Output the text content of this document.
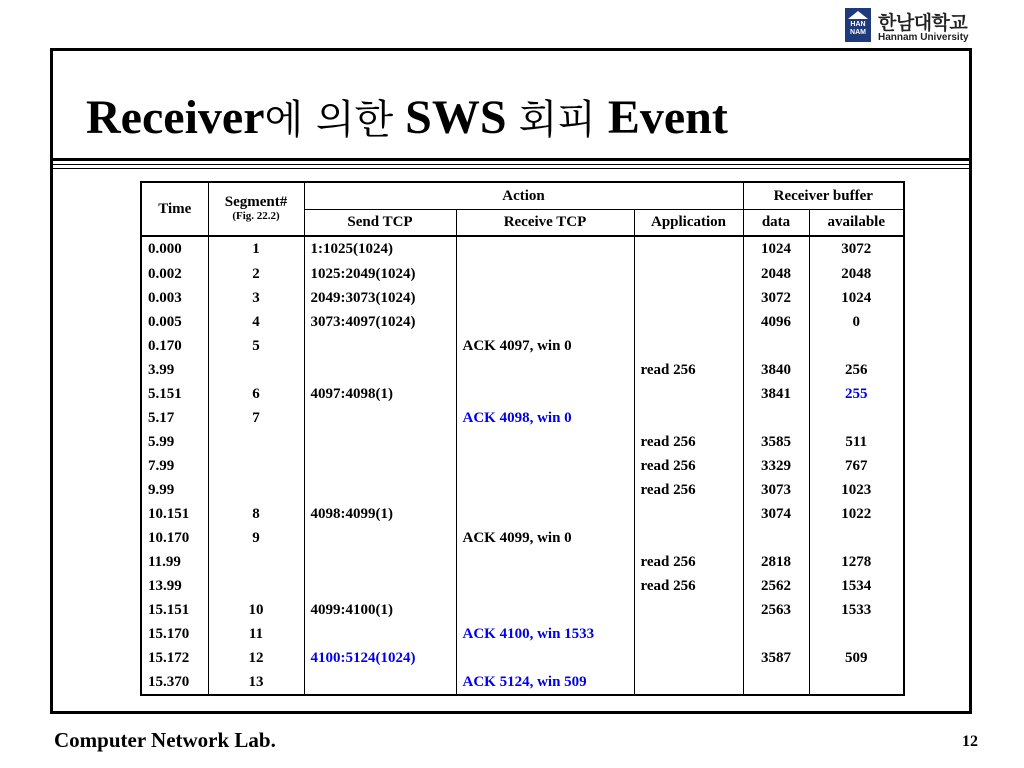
HAN
NAM 한남대학교
Hannam University
Receiver에 의한 SWS 회피 Event
Time	Segment#
(Fig. 22.2)	Action			Receiver buffer	
		Send TCP	Receive TCP	Application	data	available
0.000	1	1:1025(1024)			1024	3072
0.002	2	1025:2049(1024)			2048	2048
0.003	3	2049:3073(1024)			3072	1024
0.005	4	3073:4097(1024)			4096	0
0.170	5		ACK 4097, win 0			
3.99				read 256	3840	256
5.151	6	4097:4098(1)			3841	255
5.17	7		ACK 4098, win 0			
5.99				read 256	3585	511
7.99				read 256	3329	767
9.99				read 256	3073	1023
10.151	8	4098:4099(1)			3074	1022
10.170	9		ACK 4099, win 0			
11.99				read 256	2818	1278
13.99				read 256	2562	1534
15.151	10	4099:4100(1)			2563	1533
15.170	11		ACK 4100, win 1533			
15.172	12	4100:5124(1024)			3587	509
15.370	13		ACK 5124, win 509			
Computer Network Lab.	12
